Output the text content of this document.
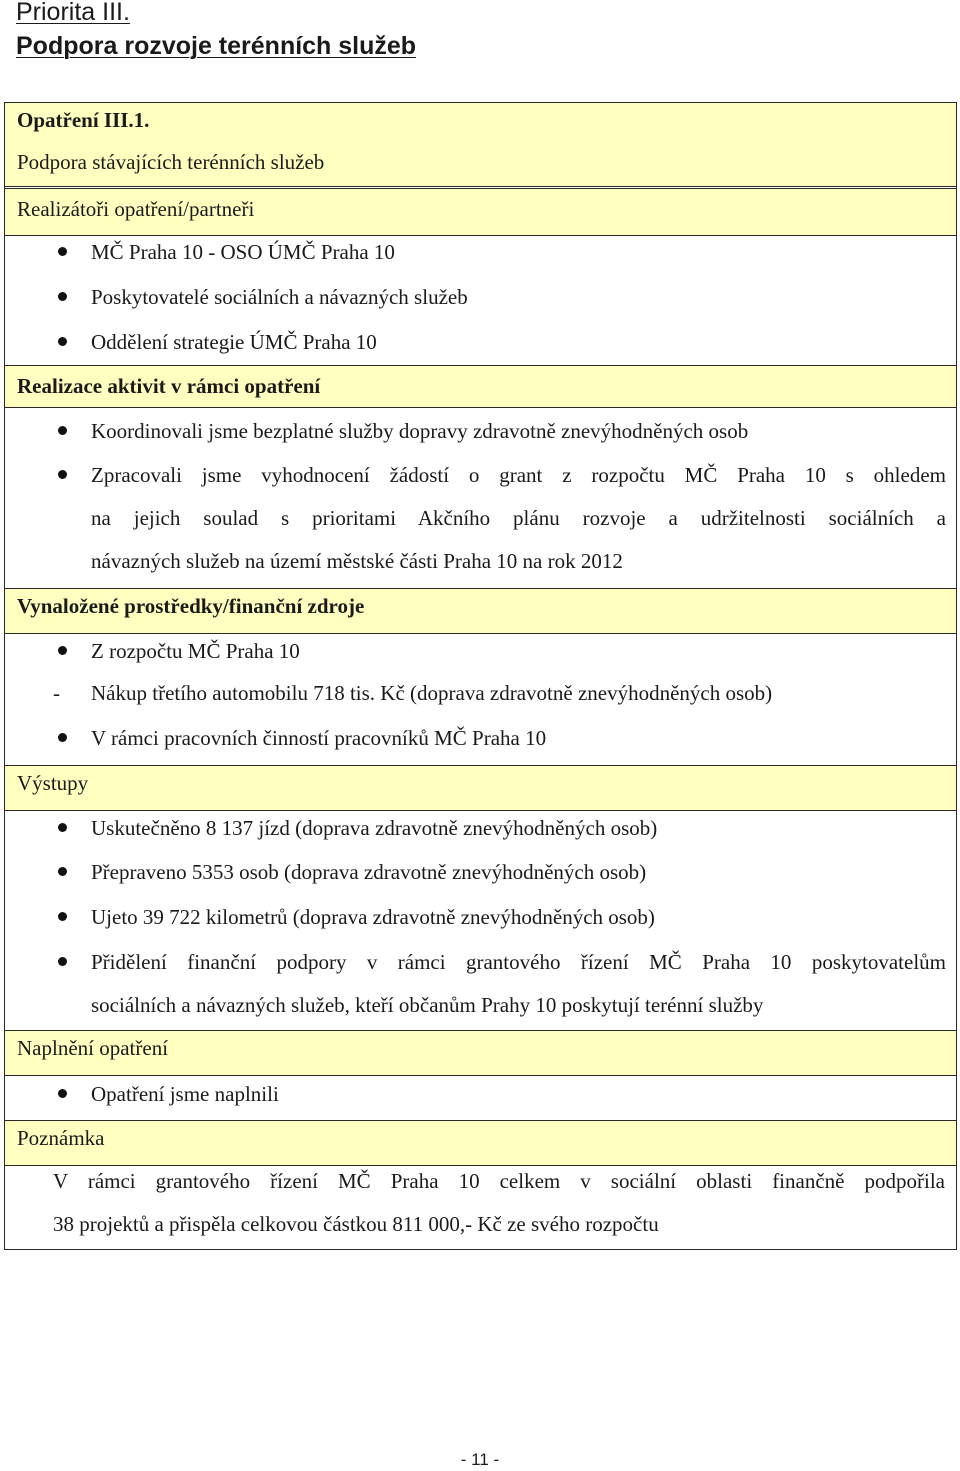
Priorita III.
Podpora rozvoje terénních služeb
Opatření III.1.
Podpora stávajících terénních služeb
Realizátoři opatření/partneři
MČ Praha 10 - OSO ÚMČ Praha 10
Poskytovatelé sociálních a návazných služeb
Oddělení strategie ÚMČ Praha 10
Realizace aktivit v rámci opatření
Koordinovali jsme bezplatné služby dopravy zdravotně znevýhodněných osob
Zpracovali jsme vyhodnocení žádostí o grant z rozpočtu MČ Praha 10 s ohledem
na jejich soulad s prioritami Akčního plánu rozvoje a udržitelnosti sociálních a
návazných služeb na území městské části Praha 10 na rok 2012
Vynaložené prostředky/finanční zdroje
Z rozpočtu MČ Praha 10
- Nákup třetího automobilu 718 tis. Kč (doprava zdravotně znevýhodněných osob)
V rámci pracovních činností pracovníků MČ Praha 10
Výstupy
Uskutečněno 8 137 jízd (doprava zdravotně znevýhodněných osob)
Přepraveno 5353 osob (doprava zdravotně znevýhodněných osob)
Ujeto 39 722 kilometrů (doprava zdravotně znevýhodněných osob)
Přidělení finanční podpory v rámci grantového řízení MČ Praha 10 poskytovatelům
sociálních a návazných služeb, kteří občanům Prahy 10 poskytují terénní služby
Naplnění opatření
Opatření jsme naplnili
Poznámka
V rámci grantového řízení MČ Praha 10 celkem v sociální oblasti finančně podpořila
38 projektů a přispěla celkovou částkou 811 000,- Kč ze svého rozpočtu
- 11 -
